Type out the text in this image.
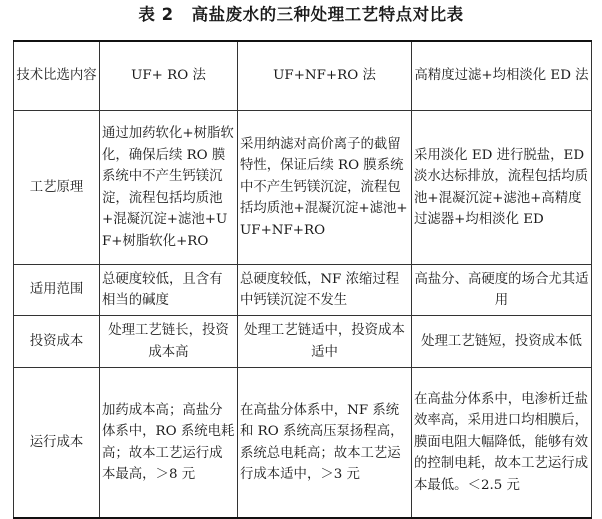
表 2 高盐废水的三种处理工艺特点对比表
技术比选内容	UF+ RO 法	UF+NF+RO 法	高精度过滤+均相淡化 ED 法
工艺原理	通过加药软化+树脂软化，确保后续 RO 膜系统中不产生钙镁沉淀，流程包括均质池+混凝沉淀+滤池+UF+树脂软化+RO	采用纳滤对高价离子的截留特性，保证后续 RO 膜系统中不产生钙镁沉淀，流程包括均质池+混凝沉淀+滤池+UF+NF+RO	采用淡化 ED 进行脱盐，ED 淡水达标排放，流程包括均质池+混凝沉淀+滤池+高精度过滤器+均相淡化 ED
适用范围	总硬度较低，且含有相当的碱度	总硬度较低，NF 浓缩过程中钙镁沉淀不发生	高盐分、高硬度的场合尤其适用
投资成本	处理工艺链长，投资成本高	处理工艺链适中，投资成本适中	处理工艺链短，投资成本低
运行成本	加药成本高；高盐分体系中，RO 系统电耗高；故本工艺运行成本最高，＞8 元	在高盐分体系中，NF 系统和 RO 系统高压泵扬程高，系统总电耗高；故本工艺运行成本适中，＞3 元	在高盐分体系中，电渗析迁盐效率高，采用进口均相膜后，膜面电阻大幅降低，能够有效的控制电耗，故本工艺运行成本最低。＜2.5 元
